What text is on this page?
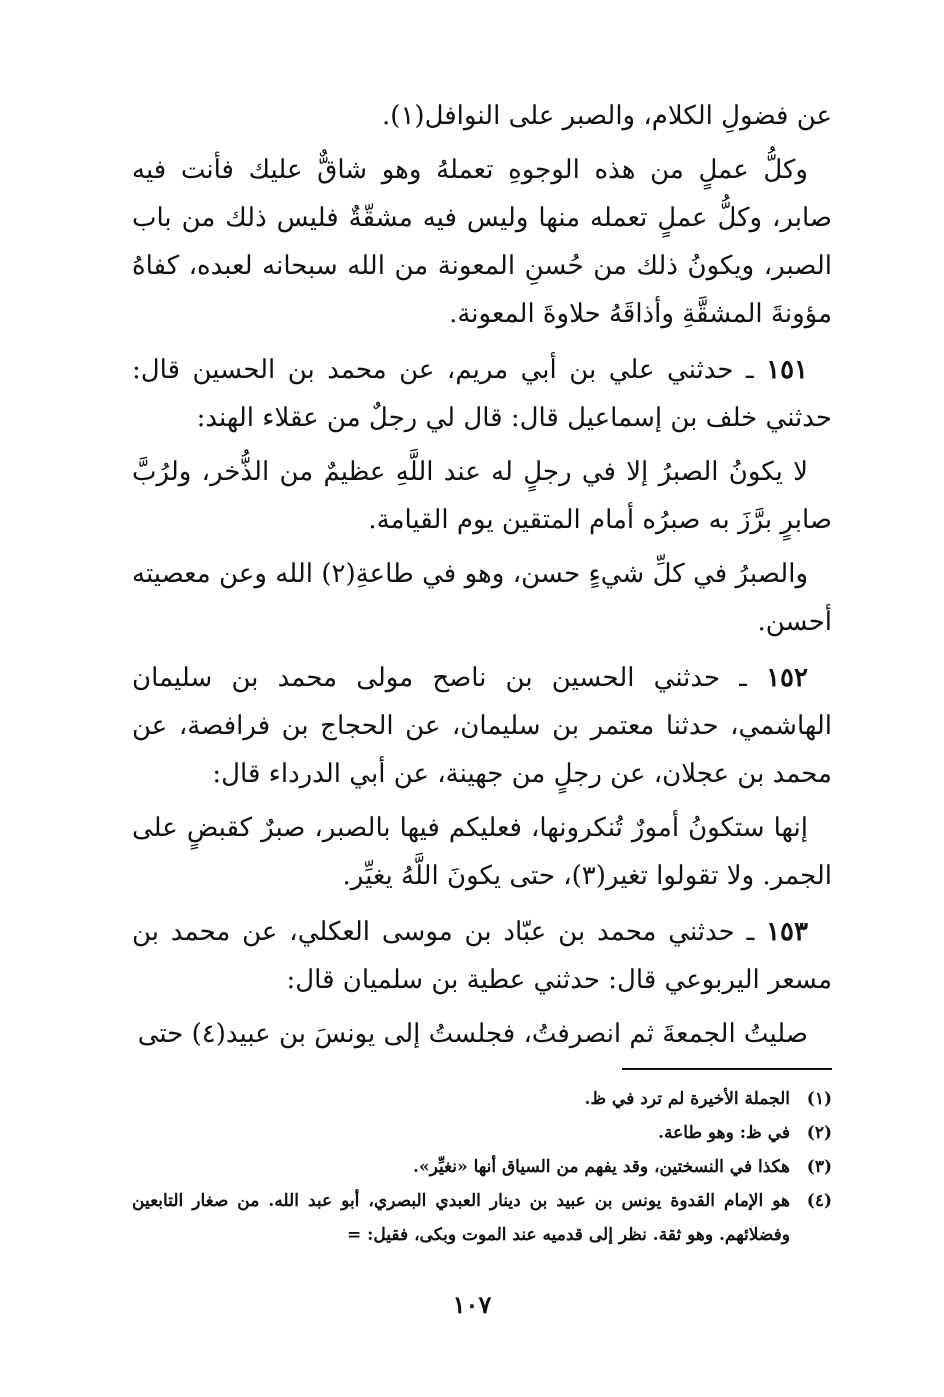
عن فضولِ الكلام، والصبر على النوافل(١).

وكلُّ عملٍ من هذه الوجوهِ تعملهُ وهو شاقٌّ عليك فأنت فيه صابر، وكلُّ عملٍ تعمله منها وليس فيه مشقّةٌ فليس ذلك من باب الصبر، ويكونُ ذلك من حُسنِ المعونة من الله سبحانه لعبده، كفاهُ مؤونةَ المشقَّةِ وأذاقَهُ حلاوةَ المعونة.

١٥١ ـ حدثني علي بن أبي مريم، عن محمد بن الحسين قال: حدثني خلف بن إسماعيل قال: قال لي رجلٌ من عقلاء الهند:

لا يكونُ الصبرُ إلا في رجلٍ له عند اللَّهِ عظيمٌ من الذُّخر، ولرُبَّ صابرٍ برَّزَ به صبرُه أمام المتقين يوم القيامة.

والصبرُ في كلِّ شيءٍ حسن، وهو في طاعةِ(٢) الله وعن معصيته أحسن.

١٥٢ ـ حدثني الحسين بن ناصح مولى محمد بن سليمان الهاشمي، حدثنا معتمر بن سليمان، عن الحجاج بن فرافصة، عن محمد بن عجلان، عن رجلٍ من جهينة، عن أبي الدرداء قال:

إنها ستكونُ أمورٌ تُنكرونها، فعليكم فيها بالصبر، صبرٌ كقبضٍ على الجمر. ولا تقولوا تغير(٣)، حتى يكونَ اللَّهُ يغيِّر.

١٥٣ ـ حدثني محمد بن عبّاد بن موسى العكلي، عن محمد بن مسعر اليربوعي قال: حدثني عطية بن سلميان قال:

صليتُ الجمعةَ ثم انصرفتُ، فجلستُ إلى يونسَ بن عبيد(٤) حتى

(١)
الجملة الأخيرة لم ترد في ظ.
(٢)
في ظ: وهو طاعة.
(٣)
هكذا في النسختين، وقد يفهم من السياق أنها «نغيِّر».
(٤)
هو الإمام القدوة يونس بن عبيد بن دينار العبدي البصري، أبو عبد الله. من صغار التابعين وفضلائهم. وهو ثقة. نظر إلى قدميه عند الموت وبكى، فقيل: =
١٠٧
